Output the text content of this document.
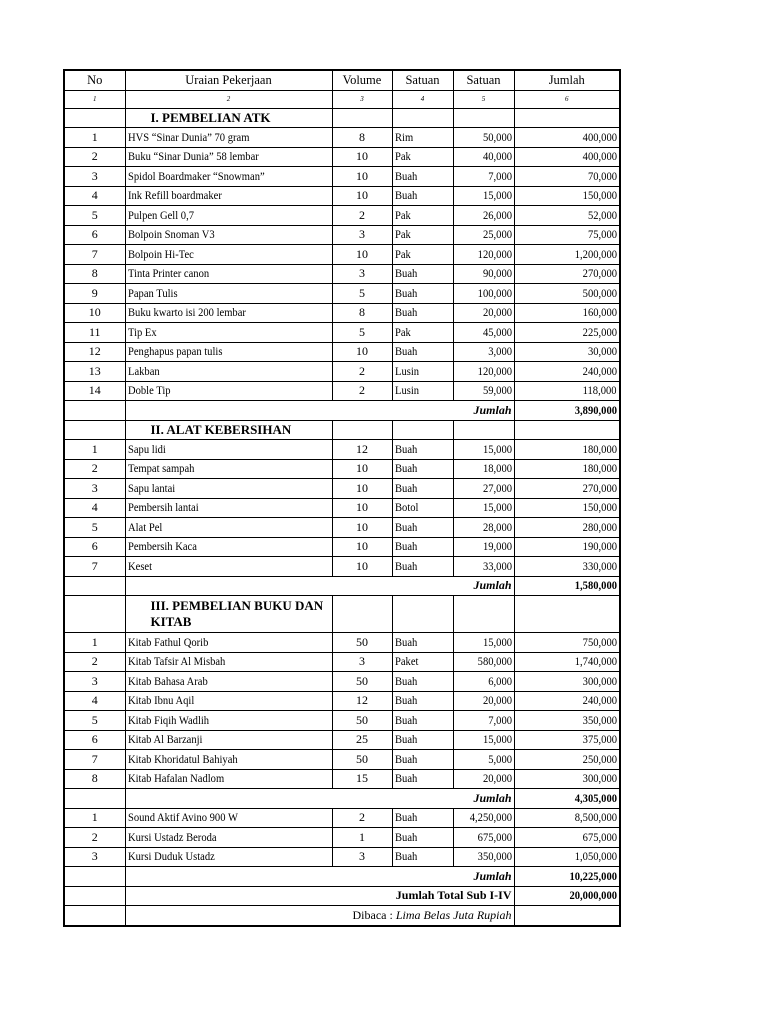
No	Uraian Pekerjaan	Volume	Satuan	Satuan	Jumlah
1	2	3	4	5	6
	I. PEMBELIAN ATK				
1	HVS “Sinar Dunia” 70 gram	8	Rim	50,000	400,000
2	Buku “Sinar Dunia” 58 lembar	10	Pak	40,000	400,000
3	Spidol Boardmaker “Snowman”	10	Buah	7,000	70,000
4	Ink Refill boardmaker	10	Buah	15,000	150,000
5	Pulpen Gell 0,7	2	Pak	26,000	52,000
6	Bolpoin Snoman V3	3	Pak	25,000	75,000
7	Bolpoin Hi-Tec	10	Pak	120,000	1,200,000
8	Tinta Printer canon	3	Buah	90,000	270,000
9	Papan Tulis	5	Buah	100,000	500,000
10	Buku kwarto isi 200 lembar	8	Buah	20,000	160,000
11	Tip Ex	5	Pak	45,000	225,000
12	Penghapus papan tulis	10	Buah	3,000	30,000
13	Lakban	2	Lusin	120,000	240,000
14	Doble Tip	2	Lusin	59,000	118,000
	Jumlah				3,890,000
	II. ALAT KEBERSIHAN				
1	Sapu lidi	12	Buah	15,000	180,000
2	Tempat sampah	10	Buah	18,000	180,000
3	Sapu lantai	10	Buah	27,000	270,000
4	Pembersih lantai	10	Botol	15,000	150,000
5	Alat Pel	10	Buah	28,000	280,000
6	Pembersih Kaca	10	Buah	19,000	190,000
7	Keset	10	Buah	33,000	330,000
	Jumlah				1,580,000
	III. PEMBELIAN BUKU DAN KITAB				
1	Kitab Fathul Qorib	50	Buah	15,000	750,000
2	Kitab Tafsir Al Misbah	3	Paket	580,000	1,740,000
3	Kitab Bahasa Arab	50	Buah	6,000	300,000
4	Kitab Ibnu Aqil	12	Buah	20,000	240,000
5	Kitab Fiqih Wadlih	50	Buah	7,000	350,000
6	Kitab Al Barzanji	25	Buah	15,000	375,000
7	Kitab Khoridatul Bahiyah	50	Buah	5,000	250,000
8	Kitab Hafalan Nadlom	15	Buah	20,000	300,000
	Jumlah				4,305,000
1	Sound Aktif Avino 900 W	2	Buah	4,250,000	8,500,000
2	Kursi Ustadz Beroda	1	Buah	675,000	675,000
3	Kursi Duduk Ustadz	3	Buah	350,000	1,050,000
	Jumlah				10,225,000
	Jumlah Total Sub I-IV				20,000,000
	Dibaca : Lima Belas Juta Rupiah				
